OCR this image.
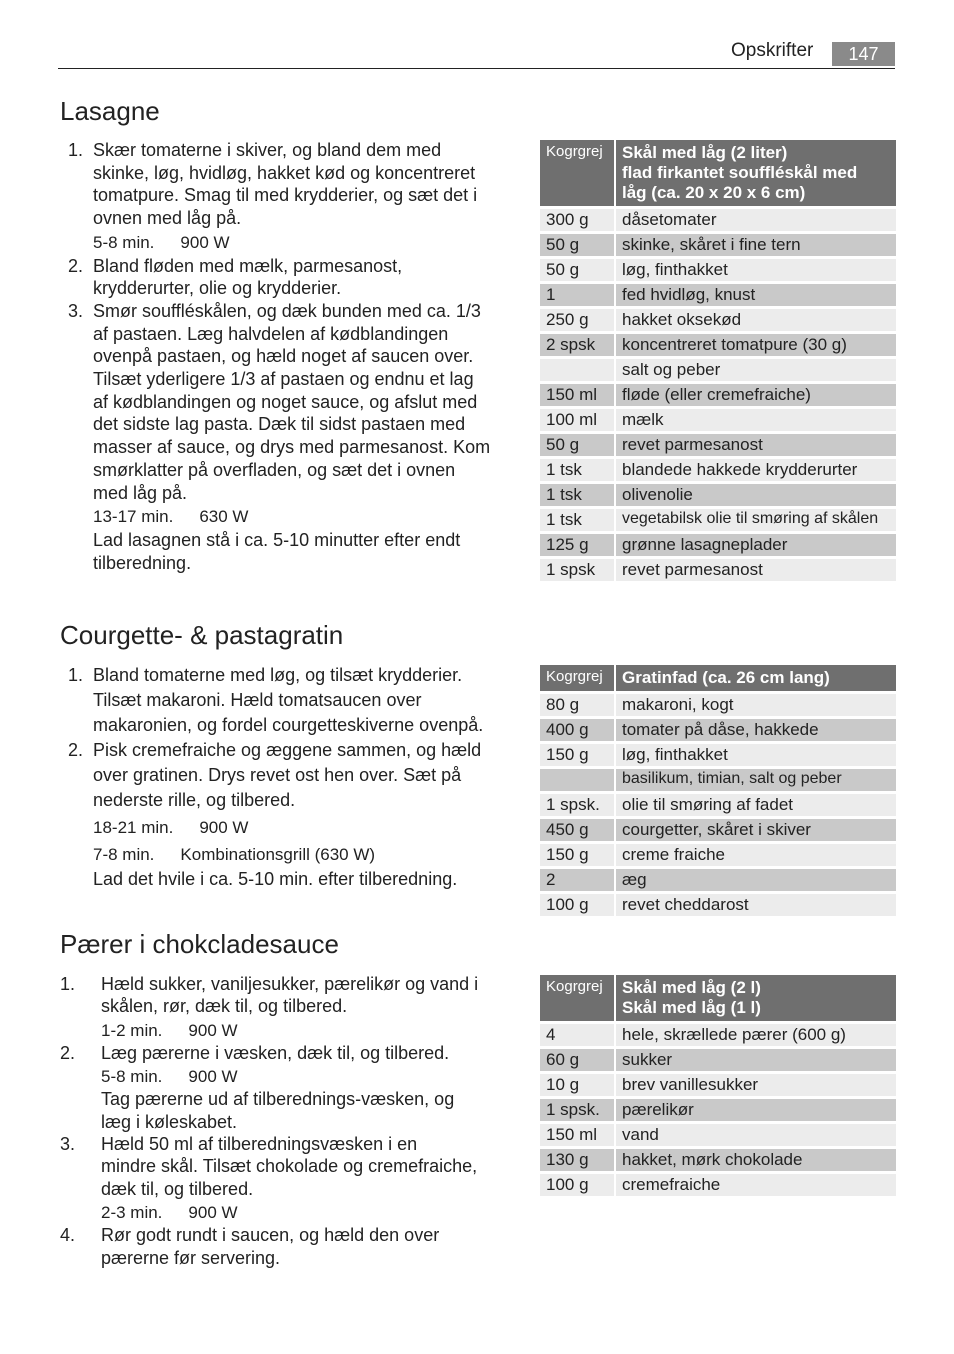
Opskrifter	147
Lasagne
1. Skær tomaterne i skiver, og bland dem med
skinke, løg, hvidløg, hakket kød og koncentreret
tomatpure. Smag til med krydderier, og sæt det i
ovnen med låg på.
5-8 min. 900 W
2. Bland fløden med mælk, parmesanost,
krydderurter, olie og krydderier.
3. Smør souffléskålen, og dæk bunden med ca. 1/3
af pastaen. Læg halvdelen af kødblandingen
ovenpå pastaen, og hæld noget af saucen over.
Tilsæt yderligere 1/3 af pastaen og endnu et lag
af kødblandingen og noget sauce, og afslut med
det sidste lag pasta. Dæk til sidst pastaen med
masser af sauce, og drys med parmesanost. Kom
smørklatter på overfladen, og sæt det i ovnen
med låg på.
13-17 min. 630 W
Lad lasagnen stå i ca. 5-10 minutter efter endt
tilberedning.
Kogrgrej	Skål med låg (2 liter)
flad firkantet souffléskål med
låg (ca. 20 x 20 x 6 cm)

300 g	dåsetomater
50 g	skinke, skåret i fine tern
50 g	løg, finthakket
1	fed hvidløg, knust
250 g	hakket oksekød
2 spsk	koncentreret tomatpure (30 g)
	salt og peber
150 ml	fløde (eller cremefraiche)
100 ml	mælk
50 g	revet parmesanost
1 tsk	blandede hakkede krydderurter
1 tsk	olivenolie
1 tsk	vegetabilsk olie til smøring af skålen
125 g	grønne lasagneplader
1 spsk	revet parmesanost
Courgette- & pastagratin
1. Bland tomaterne med løg, og tilsæt krydderier.
Tilsæt makaroni. Hæld tomatsaucen over
makaronien, og fordel courgetteskiverne ovenpå.
2. Pisk cremefraiche og æggene sammen, og hæld
over gratinen. Drys revet ost hen over. Sæt på
nederste rille, og tilbered.
18-21 min. 900 W
7-8 min. Kombinationsgrill (630 W)
Lad det hvile i ca. 5-10 min. efter tilberedning.
Kogrgrej	Gratinfad (ca. 26 cm lang)

80 g	makaroni, kogt
400 g	tomater på dåse, hakkede
150 g	løg, finthakket
	basilikum, timian, salt og peber
1 spsk.	olie til smøring af fadet
450 g	courgetter, skåret i skiver
150 g	creme fraiche
2	æg
100 g	revet cheddarost
Pærer i chokcladesauce
1. Hæld sukker, vaniljesukker, pærelikør og vand i
skålen, rør, dæk til, og tilbered.
1-2 min. 900 W
2. Læg pærerne i væsken, dæk til, og tilbered.
5-8 min. 900 W
Tag pærerne ud af tilberednings-væsken, og
læg i køleskabet.
3. Hæld 50 ml af tilberedningsvæsken i en
mindre skål. Tilsæt chokolade og cremefraiche,
dæk til, og tilbered.
2-3 min. 900 W
4. Rør godt rundt i saucen, og hæld den over
pærerne før servering.
Kogrgrej	Skål med låg (2 l)
Skål med låg (1 l)

4	hele, skrællede pærer (600 g)
60 g	sukker
10 g	brev vanillesukker
1 spsk.	pærelikør
150 ml	vand
130 g	hakket, mørk chokolade
100 g	cremefraiche
